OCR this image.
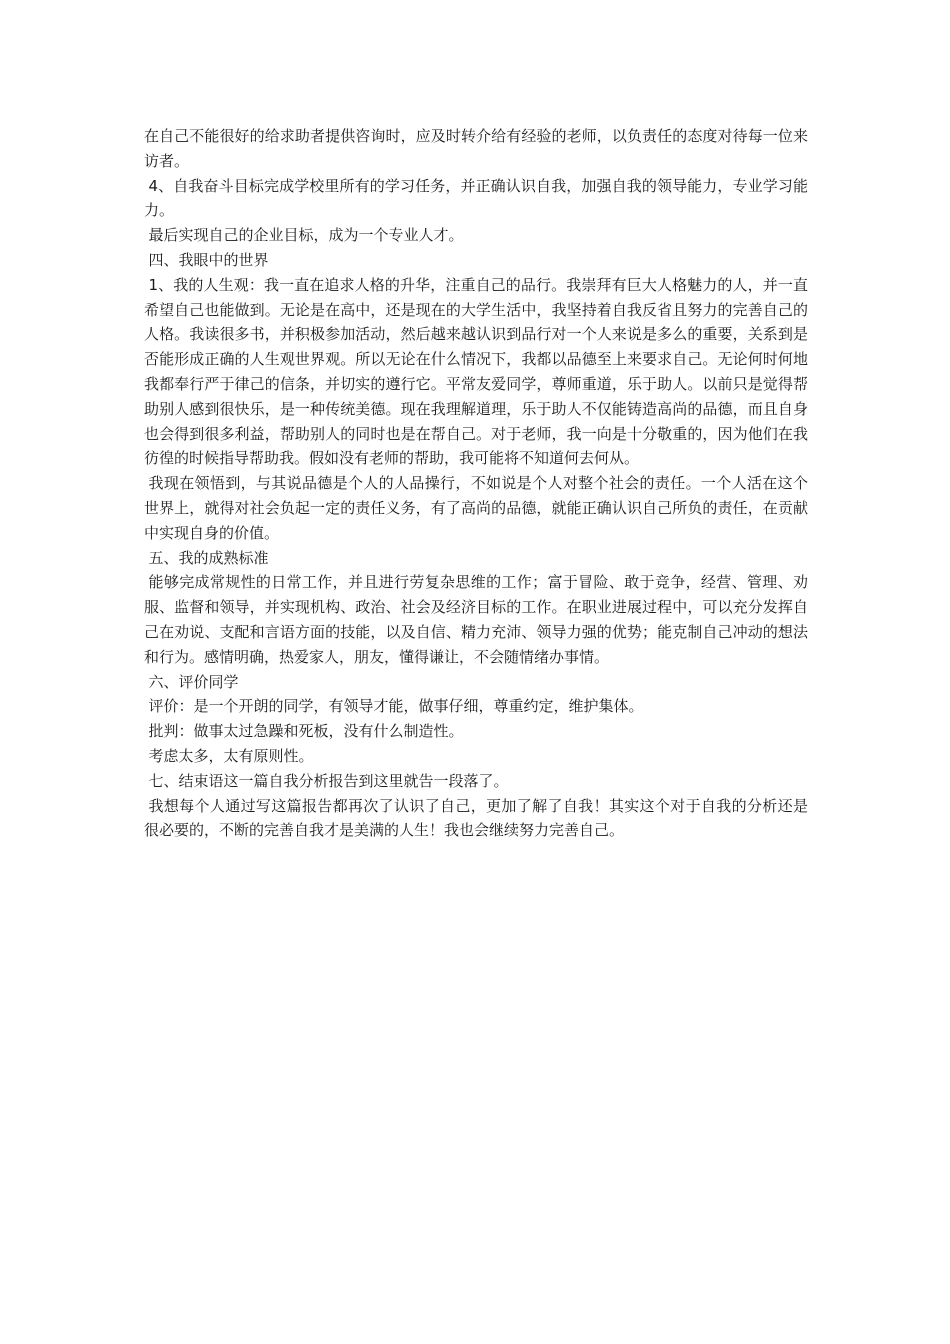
在自己不能很好的给求助者提供咨询时，应及时转介给有经验的老师，以负责任的态度对待每一位来访者。

4、自我奋斗目标完成学校里所有的学习任务，并正确认识自我，加强自我的领导能力，专业学习能力。

最后实现自己的企业目标，成为一个专业人才。

四、我眼中的世界

1、我的人生观：我一直在追求人格的升华，注重自己的品行。我崇拜有巨大人格魅力的人，并一直希望自己也能做到。无论是在高中，还是现在的大学生活中，我坚持着自我反省且努力的完善自己的人格。我读很多书，并积极参加活动，然后越来越认识到品行对一个人来说是多么的重要，关系到是否能形成正确的人生观世界观。所以无论在什么情况下，我都以品德至上来要求自己。无论何时何地我都奉行严于律己的信条，并切实的遵行它。平常友爱同学，尊师重道，乐于助人。以前只是觉得帮助别人感到很快乐，是一种传统美德。现在我理解道理，乐于助人不仅能铸造高尚的品德，而且自身也会得到很多利益，帮助别人的同时也是在帮自己。对于老师，我一向是十分敬重的，因为他们在我彷徨的时候指导帮助我。假如没有老师的帮助，我可能将不知道何去何从。

我现在领悟到，与其说品德是个人的人品操行，不如说是个人对整个社会的责任。一个人活在这个世界上，就得对社会负起一定的责任义务，有了高尚的品德，就能正确认识自己所负的责任，在贡献中实现自身的价值。

五、我的成熟标准

能够完成常规性的日常工作，并且进行劳复杂思维的工作；富于冒险、敢于竞争，经营、管理、劝服、监督和领导，并实现机构、政治、社会及经济目标的工作。在职业进展过程中，可以充分发挥自己在劝说、支配和言语方面的技能，以及自信、精力充沛、领导力强的优势；能克制自己冲动的想法和行为。感情明确，热爱家人，朋友，懂得谦让，不会随情绪办事情。

六、评价同学

评价：是一个开朗的同学，有领导才能，做事仔细，尊重约定，维护集体。

批判：做事太过急躁和死板，没有什么制造性。

考虑太多，太有原则性。

七、结束语这一篇自我分析报告到这里就告一段落了。

我想每个人通过写这篇报告都再次了认识了自己，更加了解了自我！其实这个对于自我的分析还是很必要的，不断的完善自我才是美满的人生！我也会继续努力完善自己。
